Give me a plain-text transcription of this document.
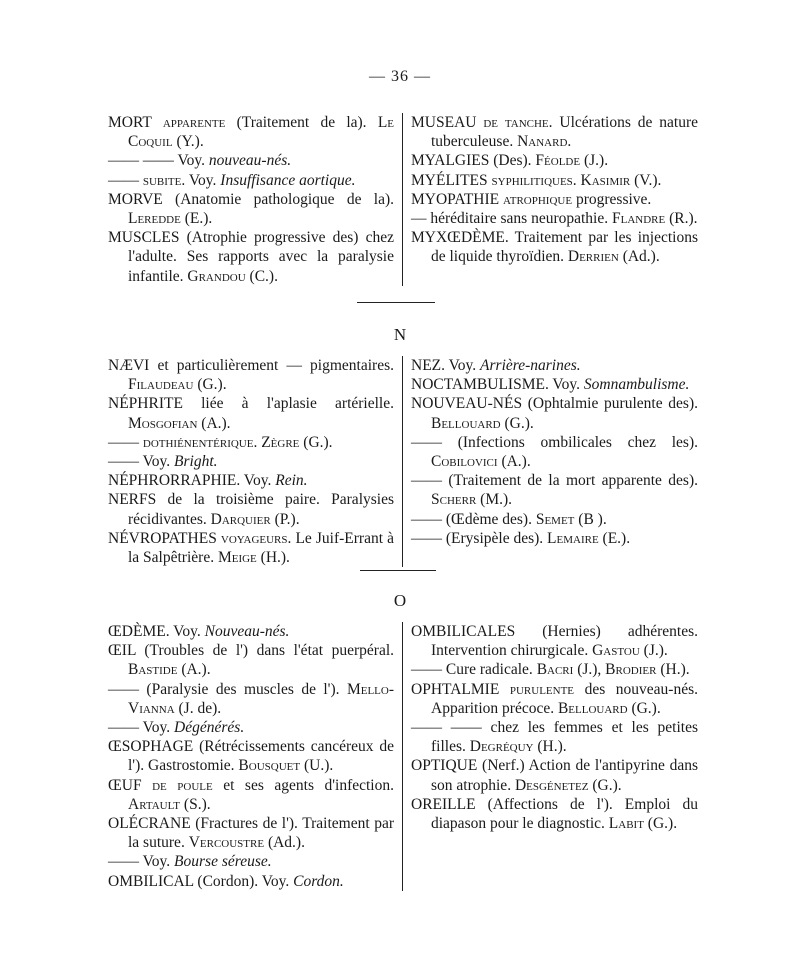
— 36 —

MORT apparente (Traitement de la). Le Coquil (Y.).

—— —— Voy. nouveau-nés.

—— subite. Voy. Insuffisance aortique.

MORVE (Anatomie pathologique de la). Leredde (E.).

MUSCLES (Atrophie progressive des) chez l'adulte. Ses rapports avec la paralysie infantile. Grandou (C.).

MUSEAU de tanche. Ulcérations de nature tuberculeuse. Nanard.

MYALGIES (Des). Féolde (J.).

MYÉLITES syphilitiques. Kasimir (V.).

MYOPATHIE atrophique progressive.

— héréditaire sans neuropathie. Flandre (R.).

MYXŒDÈME. Traitement par les injections de liquide thyroïdien. Derrien (Ad.).

N

NÆVI et particulièrement — pigmentaires. Filaudeau (G.).

NÉPHRITE liée à l'aplasie artérielle. Mosgofian (A.).

—— dothiénentérique. Zègre (G.).

—— Voy. Bright.

NÉPHRORRAPHIE. Voy. Rein.

NERFS de la troisième paire. Paralysies récidivantes. Darquier (P.).

NÉVROPATHES voyageurs. Le Juif-Errant à la Salpêtrière. Meige (H.).

NEZ. Voy. Arrière-narines.

NOCTAMBULISME. Voy. Somnambulisme.

NOUVEAU-NÉS (Ophtalmie purulente des). Bellouard (G.).

—— (Infections ombilicales chez les). Cobilovici (A.).

—— (Traitement de la mort apparente des). Scherr (M.).

—— (Œdème des). Semet (B ).

—— (Erysipèle des). Lemaire (E.).

O

ŒDÈME. Voy. Nouveau-nés.

ŒIL (Troubles de l') dans l'état puerpéral. Bastide (A.).

—— (Paralysie des muscles de l'). Mello-Vianna (J. de).

—— Voy. Dégénérés.

ŒSOPHAGE (Rétrécissements cancéreux de l'). Gastrostomie. Bousquet (U.).

ŒUF de poule et ses agents d'infection. Artault (S.).

OLÉCRANE (Fractures de l'). Traitement par la suture. Vercoustre (Ad.).

—— Voy. Bourse séreuse.

OMBILICAL (Cordon). Voy. Cordon.

OMBILICALES (Hernies) adhérentes. Intervention chirurgicale. Gastou (J.).

—— Cure radicale. Bacri (J.), Brodier (H.).

OPHTALMIE purulente des nouveau-nés. Apparition précoce. Bellouard (G.).

—— —— chez les femmes et les petites filles. Degréquy (H.).

OPTIQUE (Nerf.) Action de l'antipyrine dans son atrophie. Desgénetez (G.).

OREILLE (Affections de l'). Emploi du diapason pour le diagnostic. Labit (G.).
